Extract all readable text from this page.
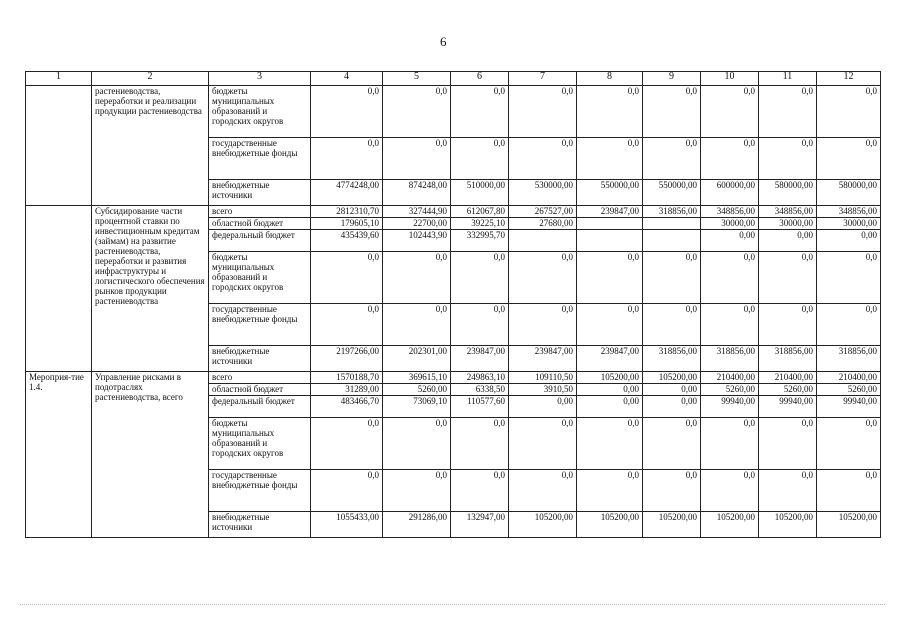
6
1	2	3	4	5	6	7	8	9	10	11	12
	растениеводства, переработки и реализации продукции растениеводства	бюджеты муниципальных образований и городских округов	0,0	0,0	0,0	0,0	0,0	0,0	0,0	0,0	0,0
		государственные внебюджетные фонды	0,0	0,0	0,0	0,0	0,0	0,0	0,0	0,0	0,0
		внебюджетные источники	4774248,00	874248,00	510000,00	530000,00	550000,00	550000,00	600000,00	580000,00	580000,00
	Субсидирование части процентной ставки по инвестиционным кредитам (займам) на развитие растениеводства, переработки и развития инфраструктуры и логистического обеспечения рынков продукции растениеводства	всего	2812310,70	327444,90	612067,80	267527,00	239847,00	318856,00	348856,00	348856,00	348856,00
		областной бюджет	179605,10	22700,00	39225,10	27680,00			30000,00	30000,00	30000,00
		федеральный бюджет	435439,60	102443,90	332995,70				0,00	0,00	0,00
		бюджеты муниципальных образований и городских округов	0,0	0,0	0,0	0,0	0,0	0,0	0,0	0,0	0,0
		государственные внебюджетные фонды	0,0	0,0	0,0	0,0	0,0	0,0	0,0	0,0	0,0
		внебюджетные источники	2197266,00	202301,00	239847,00	239847,00	239847,00	318856,00	318856,00	318856,00	318856,00
Мероприя-тие 1.4.	Управление рисками в подотраслях растениеводства, всего	всего	1570188,70	369615,10	249863,10	109110,50	105200,00	105200,00	210400,00	210400,00	210400,00
		областной бюджет	31289,00	5260,00	6338,50	3910,50	0,00	0,00	5260,00	5260,00	5260,00
		федеральный бюджет	483466,70	73069,10	110577,60	0,00	0,00	0,00	99940,00	99940,00	99940,00
		бюджеты муниципальных образований и городских округов	0,0	0,0	0,0	0,0	0,0	0,0	0,0	0,0	0,0
		государственные внебюджетные фонды	0,0	0,0	0,0	0,0	0,0	0,0	0,0	0,0	0,0
		внебюджетные источники	1055433,00	291286,00	132947,00	105200,00	105200,00	105200,00	105200,00	105200,00	105200,00
